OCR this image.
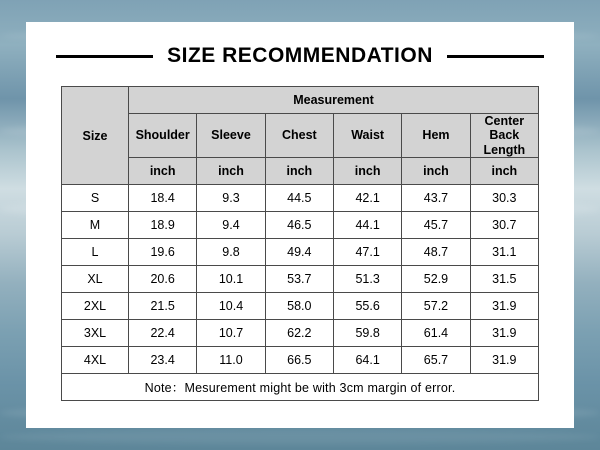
SIZE RECOMMENDATION
Size	Measurement					
	Shoulder	Sleeve	Chest	Waist	Hem	Center Back Length
	inch	inch	inch	inch	inch	inch
S	18.4	9.3	44.5	42.1	43.7	30.3
M	18.9	9.4	46.5	44.1	45.7	30.7
L	19.6	9.8	49.4	47.1	48.7	31.1
XL	20.6	10.1	53.7	51.3	52.9	31.5
2XL	21.5	10.4	58.0	55.6	57.2	31.9
3XL	22.4	10.7	62.2	59.8	61.4	31.9
4XL	23.4	11.0	66.5	64.1	65.7	31.9
Note：Mesurement might be with 3cm margin of error.						
